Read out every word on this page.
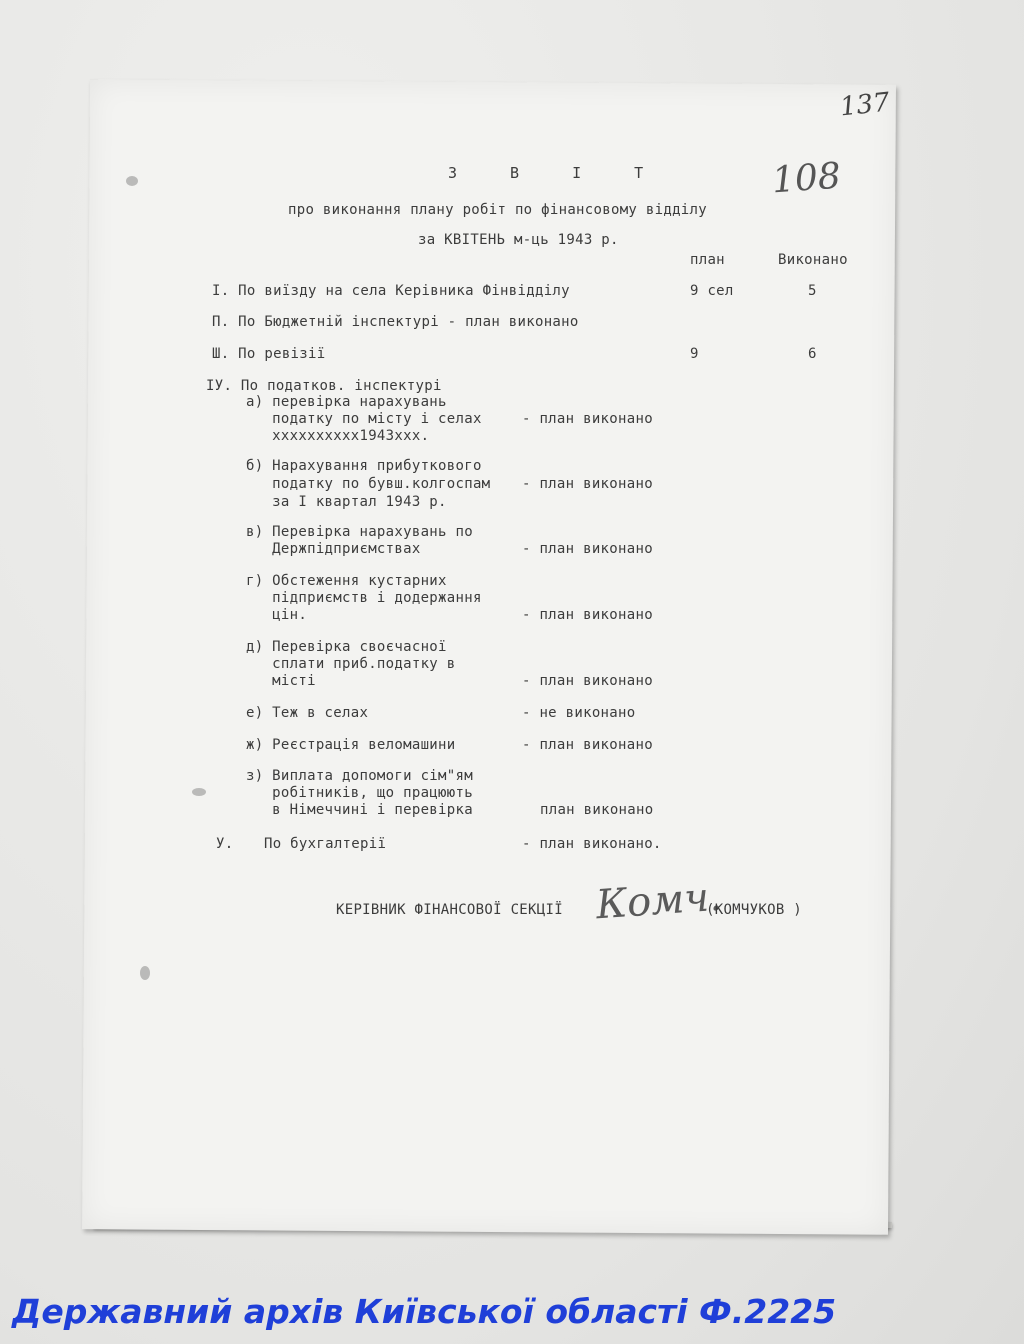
137
108
З В І Т
про виконання плану робіт по фінансовому відділу
за КВІТЕНЬ м-ць 1943 р.
план	Виконано
І. По виїзду на села Керівника Фінвідділу	9 сел	5
П. По Бюджетній інспектурі - план виконано
Ш. По ревізії	9	6
ІУ. По податков. інспектурі
а) перевірка нарахувань
податку по місту і селах
хххххххххх1943ххх.
- план виконано
б) Нарахування прибуткового
податку по бувш.колгоспам
за І квартал 1943 р.
- план виконано
в) Перевірка нарахувань по
Держпідприємствах	- план виконано
г) Обстеження кустарних
підприємств і додержання
цін.	- план виконано
д) Перевірка своєчасної
сплати приб.податку в
місті	- план виконано
е) Теж в селах	- не виконано
ж) Реєстрація веломашини	- план виконано
з) Виплата допомоги сім"ям
робітників, що працюють
в Німеччині і перевірка	план виконано
У. По бухгалтерії	- план виконано.
КЕРІВНИК ФІНАНСОВОЇ СЕКЦІЇ Комч.
(КОМЧУКОВ )
Державний архів Київської області Ф.2225
